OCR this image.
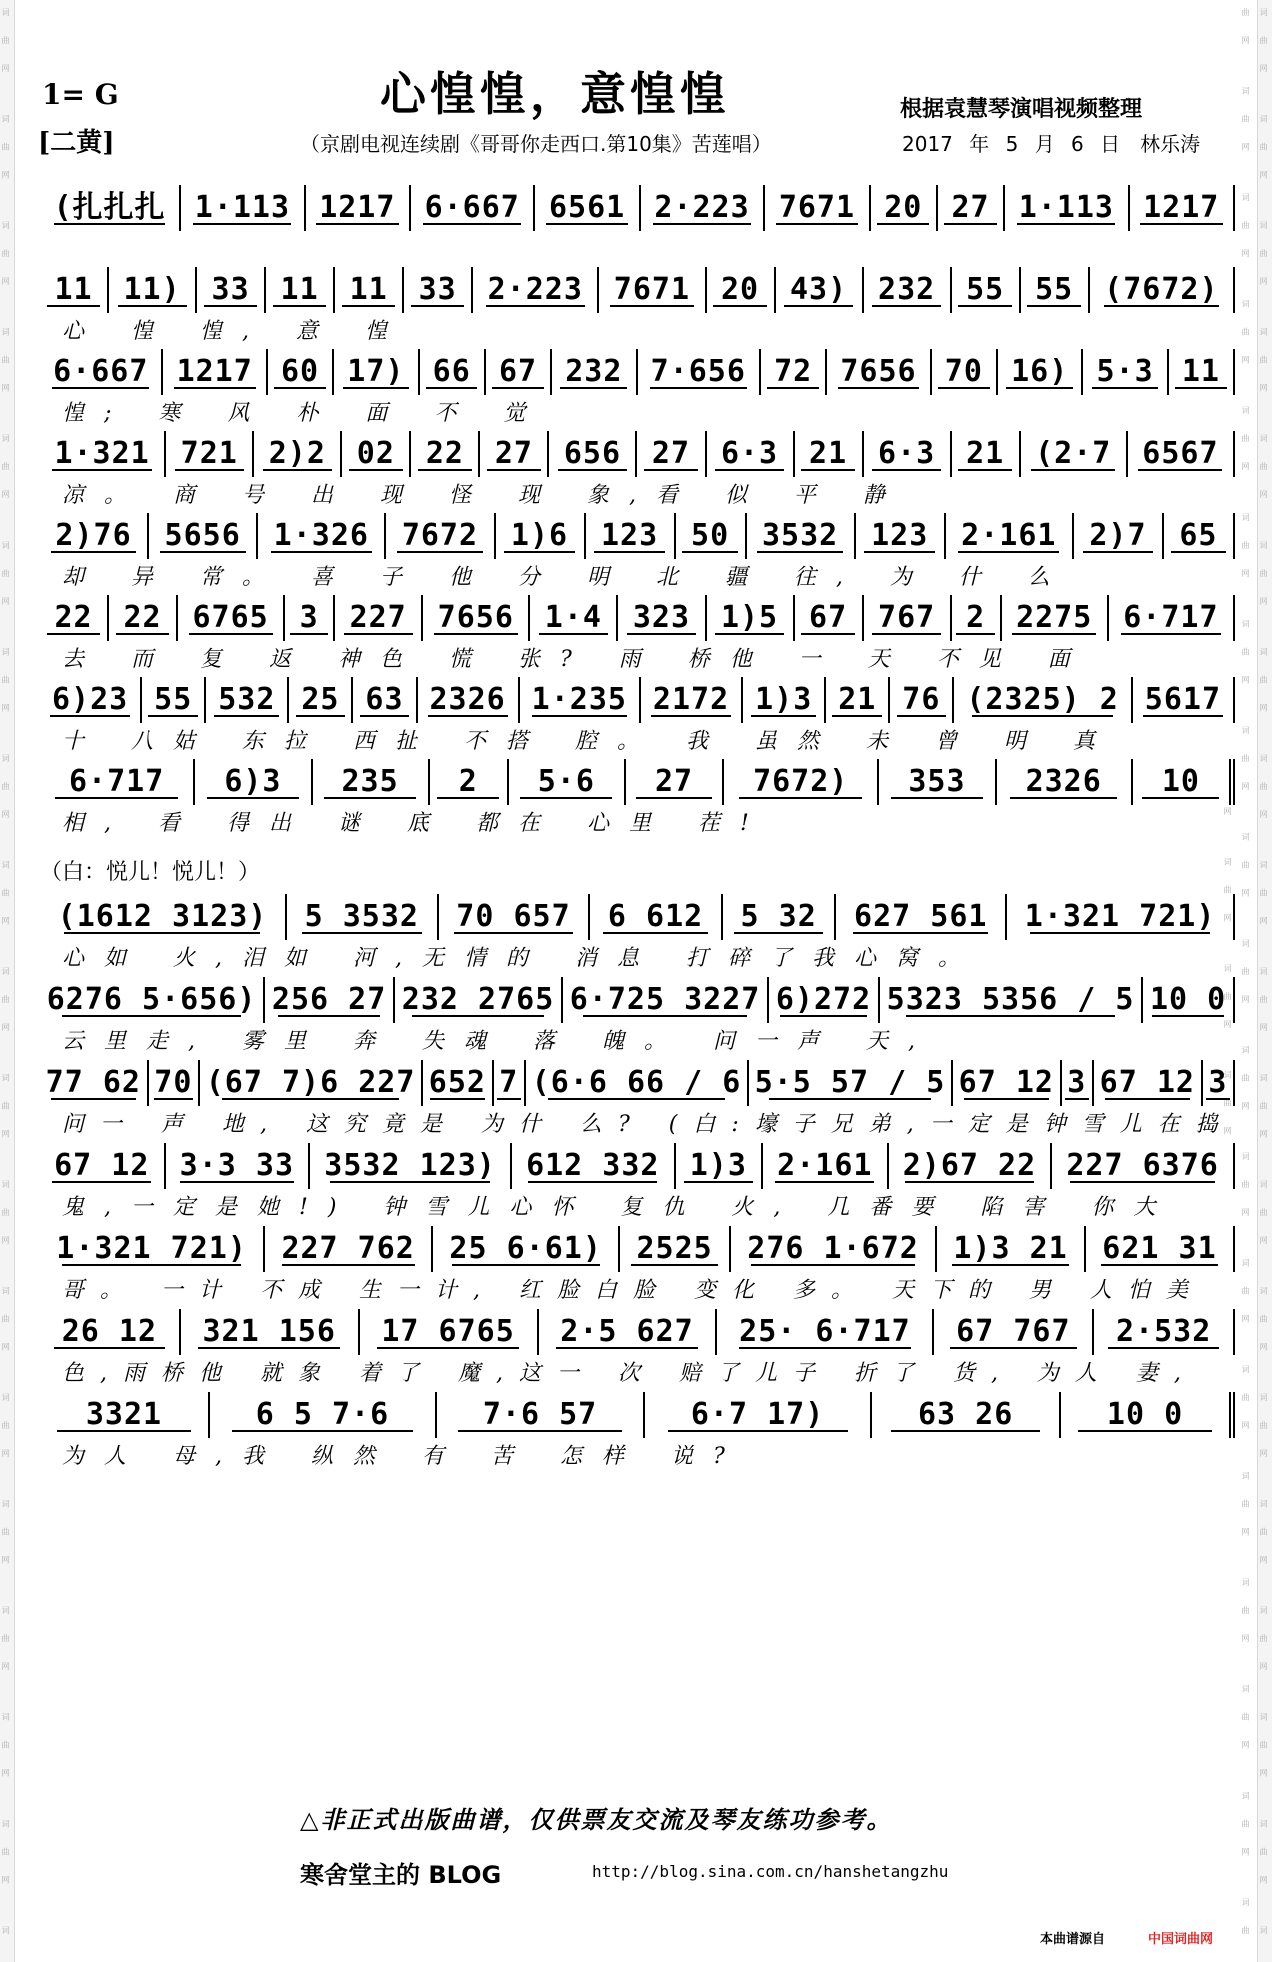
词曲网 词曲网 词曲网 词曲网 词曲网 词曲网 词曲网 词曲网 词曲网 词曲网 词曲网 词曲网 词曲网 词曲网 词曲网 词曲网 词曲网 词曲网 词	词曲网 词曲网 词曲网 词曲网 词曲网 词曲网 词曲网 词曲网 词曲网 词曲网 词曲网 词曲网 词曲网 词曲网 词曲网 词曲网 词曲网 词曲网 词曲网 词曲网 词曲网 词曲网 词曲网 词曲网 词曲网 词曲网 词曲网 词曲网 词曲网 词曲网 词曲网 词曲网 词曲网 词曲网 词曲网 词曲网 词曲网 词曲网 词曲网 词曲网
1= G
[二黄]
心惶惶，意惶惶	根据袁慧琴演唱视频整理
（京剧电视连续剧《哥哥你走西口.第10集》苦莲唱）	2017 年 5 月 6 日　林乐涛
(扎扎扎 1·113 1217 6·667 6561 2·223 7671 20 27 1·113 1217
11	11)	33	11	11	33	2·223	7671	20	43)	232	55	55	(7672)
心 惶 惶, 意 惶
6·667 1217 60 17) 66 67 232 7·656 72 7656 70 16) 5·3 11
惶; 寒 风 朴 面 不 觉
1·321	721	2)2	02	22	27	656	27	6·3	21	6·3	21	(2·7	6567
凉。 商 号 出 现 怪 现 象,看 似 平 静
2)76	5656	1·326	7672	1)6	123	50	3532	123	2·161	2)7	65
却 异 常。 喜 子 他 分 明 北 疆 往, 为 什 么
22	22	6765	3	227	7656	1·4	323	1)5	67	767	2	2275	6·717
去 而 复 返 神色 慌 张? 雨 桥他 一 天 不见 面
6)23 55 532 25 63 2326 1·235 2172 1)3 21 76 (2325) 2 5617
十 八姑 东拉 西扯 不搭 腔。 我 虽然 未 曾 明 真
6·717	6)3	235	2	5·6	27	7672)	353	2326	10
相, 看 得出 谜 底 都在 心里 茬!
（白：悦儿！悦儿！）
(1612 3123)	5 3532	70 657	6 612	5 32	627 561	1·321 721)
心如 火,泪如 河,无情的 消息 打碎了我心窝。
6276 5·656) 256 27 232 2765 6·725 3227 6)272 5323 5356 / 5 10 0
云里走, 雾里 奔 失魂 落 魄。 问一声 天,
77 62 70 (67 7)6 227 652 7 (6·6 66 / 6 5·5 57 / 5 67 12 3 67 12 3
问一 声 地, 这究竟是 为什 么? (白:壕子兄弟,一定是钟雪儿在捣
67 12	3·3 33	3532 123)	612 332	1)3	2·161	2)67 22	227 6376
鬼,一定是她!) 钟雪儿心怀 复仇 火, 几番要 陷害 你大
1·321 721)	227 762	25 6·61)	2525	276 1·672	1)3 21	621 31
哥。 一计 不成 生一计, 红脸白脸 变化 多。 天下的 男 人怕美
26 12	321 156	17 6765	2·5 627	25· 6·717	67 767	2·532
色,雨桥他 就象 着了 魔,这一 次 赔了儿子 折了 货, 为人 妻,
3321	6 5 7·6	7·6 57	6·7 17)	63 26	10 0
为人 母,我 纵然 有 苦 怎样 说?
△非正式出版曲谱，仅供票友交流及琴友练功参考。
寒舍堂主的 BLOG	http://blog.sina.com.cn/hanshetangzhu
本曲谱源自	中国词曲网
